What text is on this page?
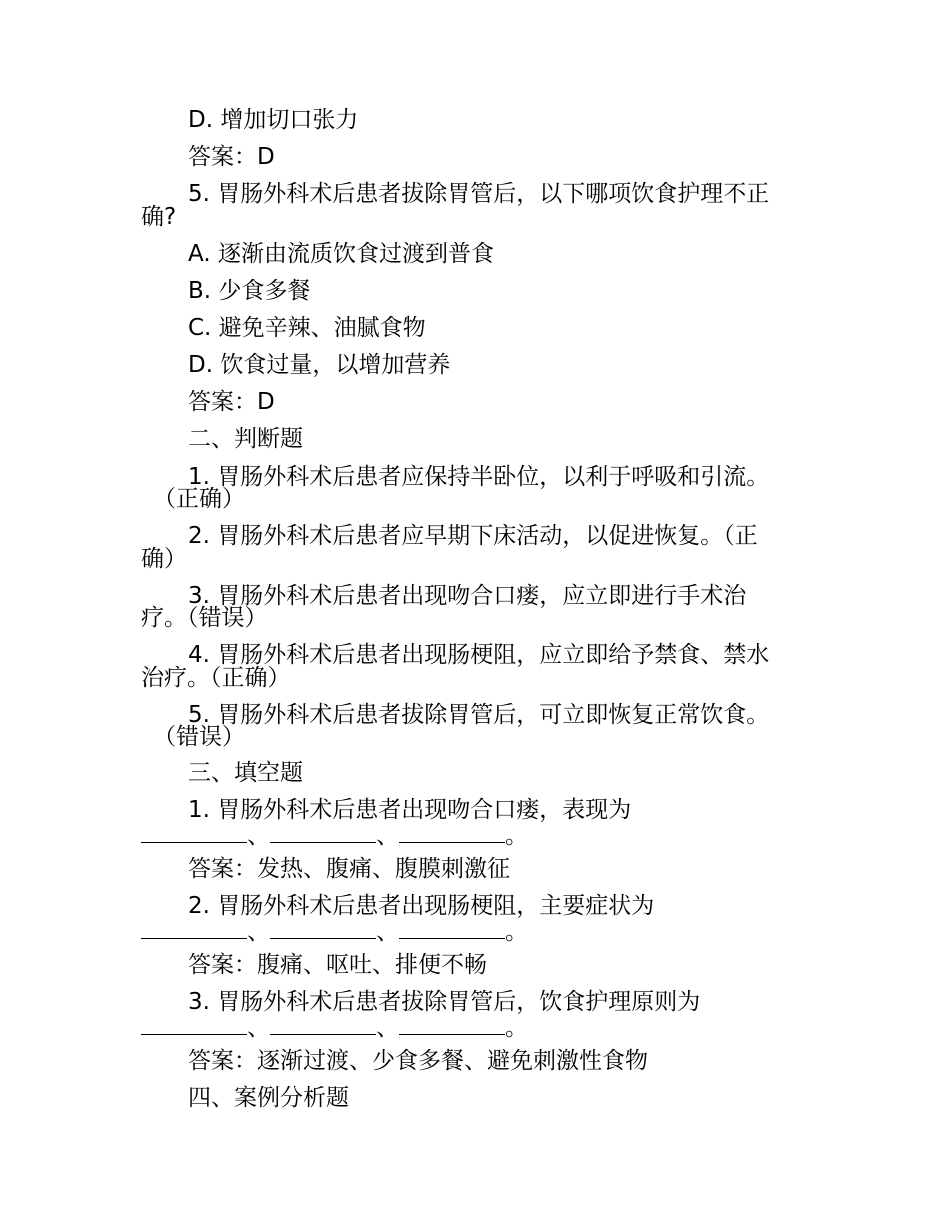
D. 增加切口张力
答案：D
5. 胃肠外科术后患者拔除胃管后，以下哪项饮食护理不正
确?
A. 逐渐由流质饮食过渡到普食
B. 少食多餐
C. 避免辛辣、油腻食物
D. 饮食过量，以增加营养
答案：D
二、判断题
1. 胃肠外科术后患者应保持半卧位，以利于呼吸和引流。
（正确）
2. 胃肠外科术后患者应早期下床活动，以促进恢复。（正
确）
3. 胃肠外科术后患者出现吻合口瘘，应立即进行手术治
疗。（错误）
4. 胃肠外科术后患者出现肠梗阻，应立即给予禁食、禁水
治疗。（正确）
5. 胃肠外科术后患者拔除胃管后，可立即恢复正常饮食。
（错误）
三、填空题
1. 胃肠外科术后患者出现吻合口瘘，表现为
、	、	。
答案：发热、腹痛、腹膜刺激征
2. 胃肠外科术后患者出现肠梗阻，主要症状为
、	、	。
答案：腹痛、呕吐、排便不畅
3. 胃肠外科术后患者拔除胃管后，饮食护理原则为
、	、	。
答案：逐渐过渡、少食多餐、避免刺激性食物
四、案例分析题
